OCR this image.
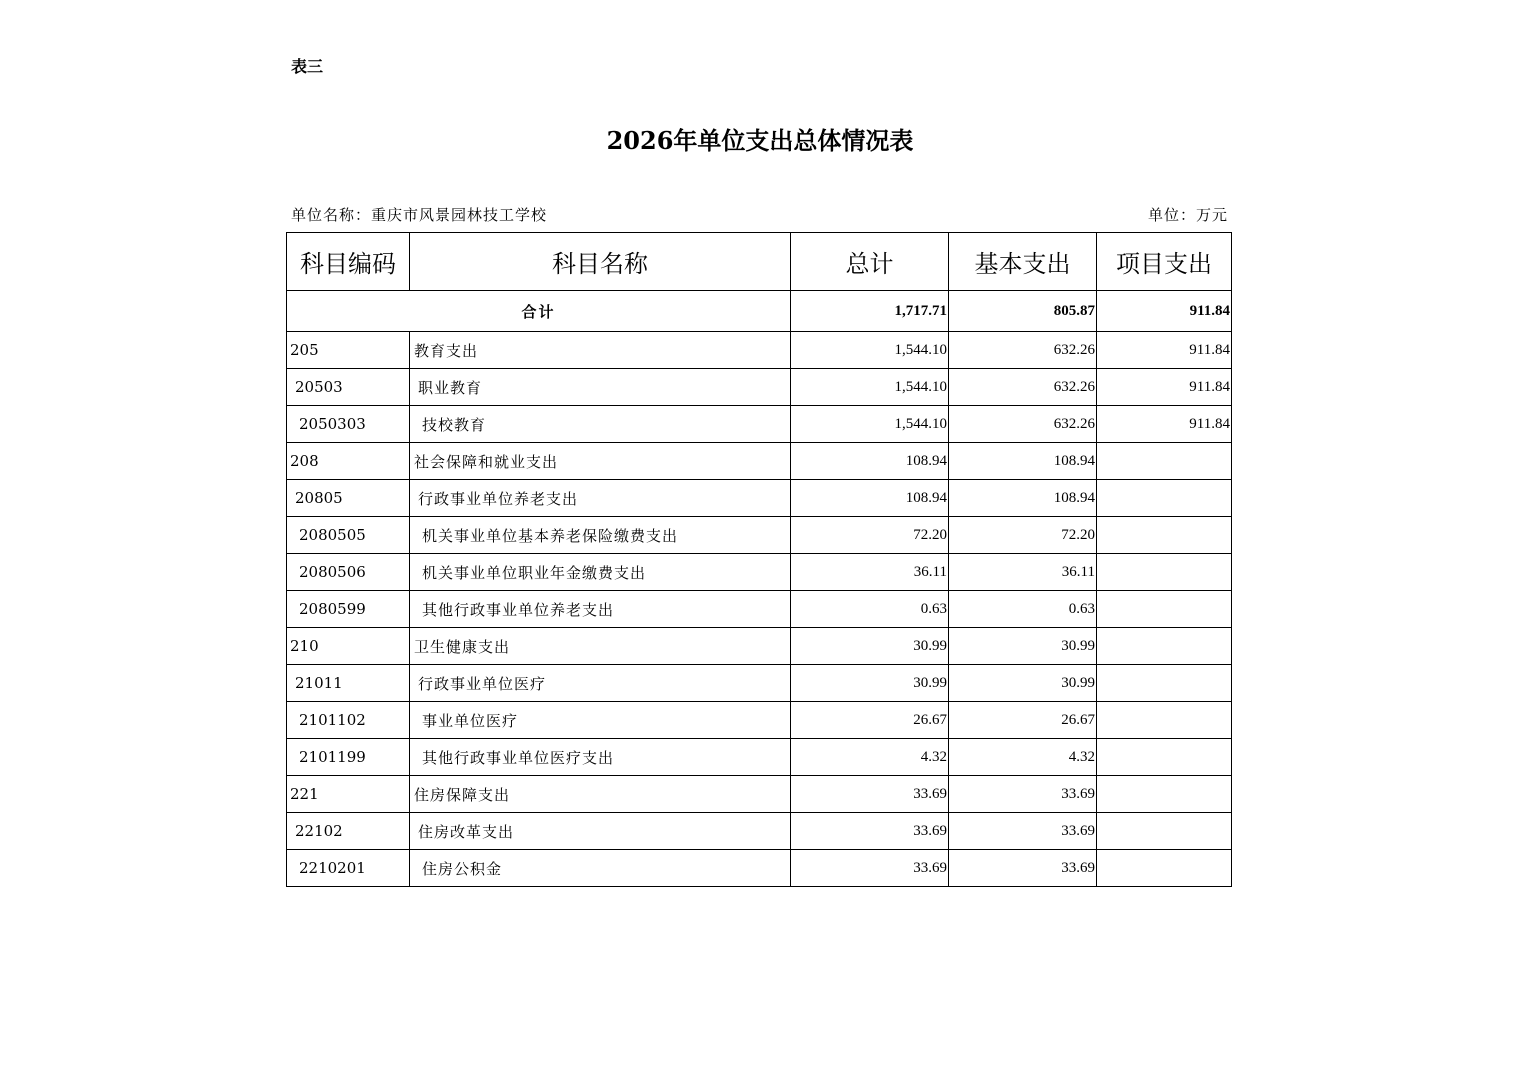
表三
2026年单位支出总体情况表
单位名称：重庆市风景园林技工学校	单位：万元
科目编码	科目名称	总计	基本支出	项目支出
合计		1,717.71	805.87	911.84
205	教育支出	1,544.10	632.26	911.84
20503	职业教育	1,544.10	632.26	911.84
2050303	技校教育	1,544.10	632.26	911.84
208	社会保障和就业支出	108.94	108.94	
20805	行政事业单位养老支出	108.94	108.94	
2080505	机关事业单位基本养老保险缴费支出	72.20	72.20	
2080506	机关事业单位职业年金缴费支出	36.11	36.11	
2080599	其他行政事业单位养老支出	0.63	0.63	
210	卫生健康支出	30.99	30.99	
21011	行政事业单位医疗	30.99	30.99	
2101102	事业单位医疗	26.67	26.67	
2101199	其他行政事业单位医疗支出	4.32	4.32	
221	住房保障支出	33.69	33.69	
22102	住房改革支出	33.69	33.69	
2210201	住房公积金	33.69	33.69	
